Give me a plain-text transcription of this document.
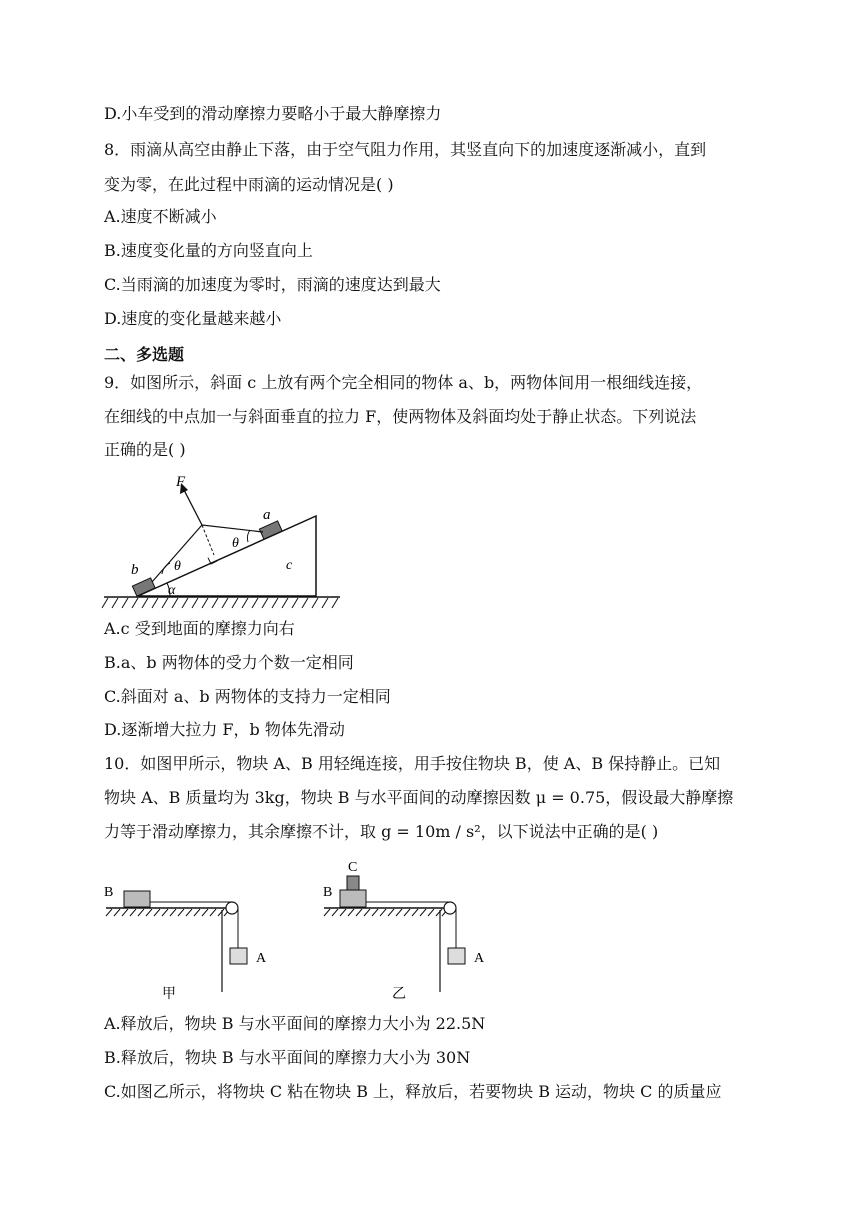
D.小车受到的滑动摩擦力要略小于最大静摩擦力
8．雨滴从高空由静止下落，由于空气阻力作用，其竖直向下的加速度逐渐减小，直到
变为零，在此过程中雨滴的运动情况是( )
A.速度不断减小
B.速度变化量的方向竖直向上
C.当雨滴的加速度为零时，雨滴的速度达到最大
D.速度的变化量越来越小
二、多选题
9．如图所示，斜面 c 上放有两个完全相同的物体 a、b，两物体间用一根细线连接，
在细线的中点加一与斜面垂直的拉力 F，使两物体及斜面均处于静止状态。下列说法
正确的是( )
F
a
b	c
θ
θ
α
A.c 受到地面的摩擦力向右
B.a、b 两物体的受力个数一定相同
C.斜面对 a、b 两物体的支持力一定相同
D.逐渐增大拉力 F，b 物体先滑动
10．如图甲所示，物块 A、B 用轻绳连接，用手按住物块 B，使 A、B 保持静止。已知
物块 A、B 质量均为 3kg，物块 B 与水平面间的动摩擦因数 μ = 0.75，假设最大静摩擦
力等于滑动摩擦力，其余摩擦不计，取 g = 10m / s²，以下说法中正确的是( )
B
A
甲
C
B
A
乙
A.释放后，物块 B 与水平面间的摩擦力大小为 22.5N
B.释放后，物块 B 与水平面间的摩擦力大小为 30N
C.如图乙所示，将物块 C 粘在物块 B 上，释放后，若要物块 B 运动，物块 C 的质量应
